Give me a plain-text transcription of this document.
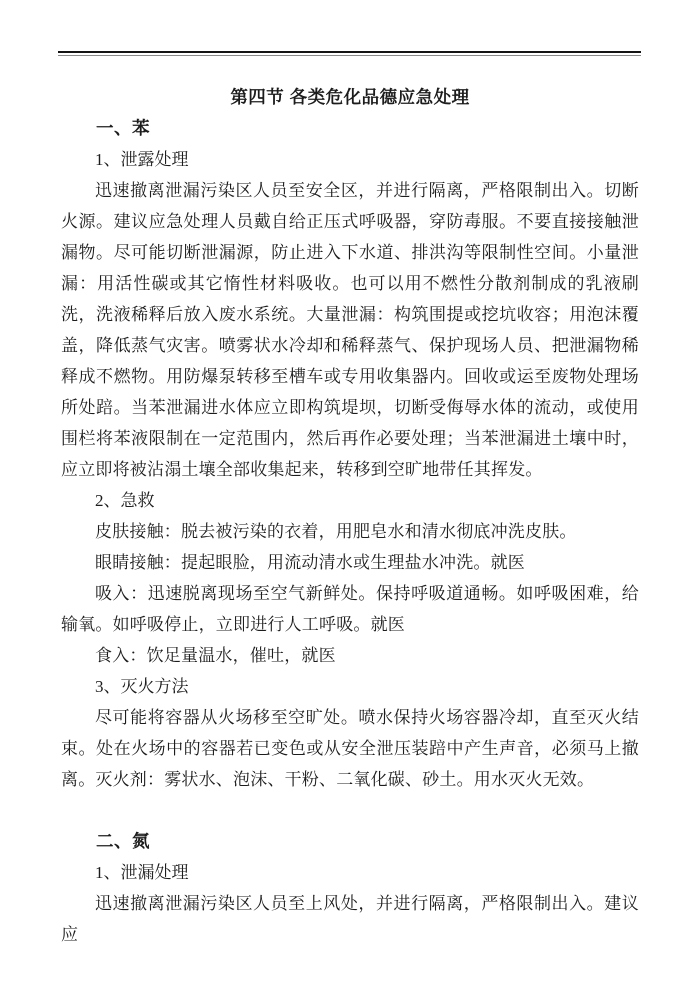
第四节 各类危化品德应急处理
一、苯

1、泄露处理

迅速撤离泄漏污染区人员至安全区，并进行隔离，严格限制出入。切断火源。建议应急处理人员戴自给正压式呼吸器，穿防毒服。不要直接接触泄漏物。尽可能切断泄漏源，防止进入下水道、排洪沟等限制性空间。小量泄漏：用活性碳或其它惰性材料吸收。也可以用不燃性分散剂制成的乳液刷洗，洗液稀释后放入废水系统。大量泄漏：构筑围提或挖坑收容；用泡沫覆盖，降低蒸气灾害。喷雾状水冷却和稀释蒸气、保护现场人员、把泄漏物稀释成不燃物。用防爆泵转移至槽车或专用收集器内。回收或运至废物处理场所处踣。当苯泄漏进水体应立即构筑堤坝，切断受侮辱水体的流动，或使用围栏将苯液限制在一定范围内，然后再作必要处理；当苯泄漏进土壤中时，应立即将被沾溻土壤全部收集起来，转移到空旷地带任其挥发。

2、急救

皮肤接触：脱去被污染的衣着，用肥皂水和清水彻底冲洗皮肤。

眼睛接触：提起眼脸，用流动清水或生理盐水冲洗。就医

吸入：迅速脱离现场至空气新鲜处。保持呼吸道通畅。如呼吸困难，给输氧。如呼吸停止，立即进行人工呼吸。就医

食入：饮足量温水，催吐，就医

3、灭火方法

尽可能将容器从火场移至空旷处。喷水保持火场容器冷却，直至灭火结束。处在火场中的容器若已变色或从安全泄压装踣中产生声音，必须马上撤离。灭火剂：雾状水、泡沫、干粉、二氧化碳、砂土。用水灭火无效。

二、氮

1、泄漏处理

迅速撤离泄漏污染区人员至上风处，并进行隔离，严格限制出入。建议应
